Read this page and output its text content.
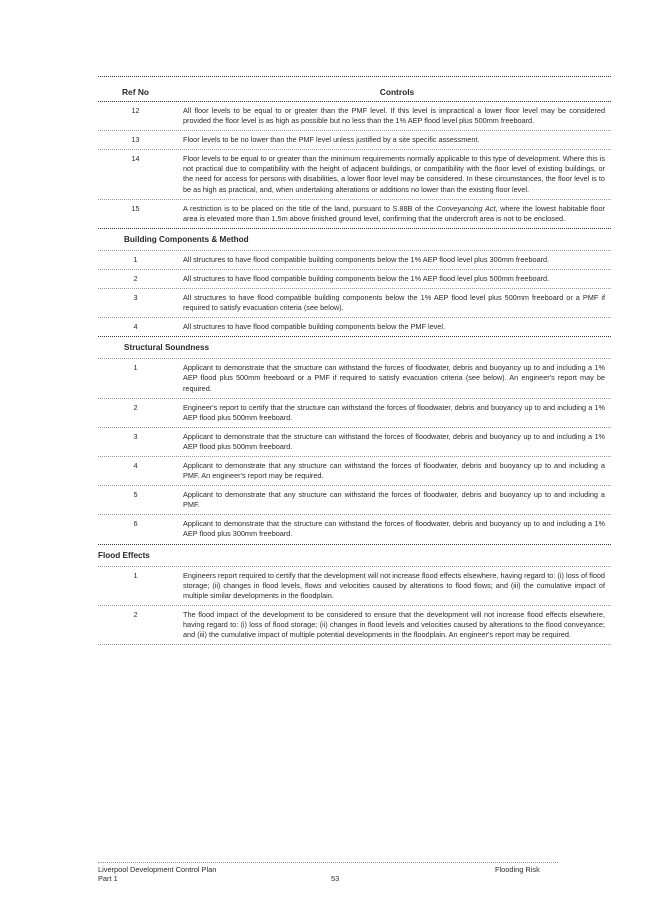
Ref No	Controls
12	All floor levels to be equal to or greater than the PMF level. If this level is impractical a lower floor level may be considered provided the floor level is as high as possible but no less than the 1% AEP flood level plus 500mm freeboard.
13	Floor levels to be no lower than the PMF level unless justified by a site specific assessment.
14	Floor levels to be equal to or greater than the minimum requirements normally applicable to this type of development. Where this is not practical due to compatibility with the height of adjacent buildings, or compatibility with the floor level of existing buildings, or the need for access for persons with disabilities, a lower floor level may be considered. In these circumstances, the floor level is to be as high as practical, and, when undertaking alterations or additions no lower than the existing floor level.
15	A restriction is to be placed on the title of the land, pursuant to S.88B of the Conveyancing Act, where the lowest habitable floor area is elevated more than 1.5m above finished ground level, confirming that the undercroft area is not to be enclosed.
Building Components & Method
1	All structures to have flood compatible building components below the 1% AEP flood level plus 300mm freeboard.
2	All structures to have flood compatible building components below the 1% AEP flood level plus 500mm freeboard.
3	All structures to have flood compatible building components below the 1% AEP flood level plus 500mm freeboard or a PMF if required to satisfy evacuation criteria (see below).
4	All structures to have flood compatible building components below the PMF level.
Structural Soundness
1	Applicant to demonstrate that the structure can withstand the forces of floodwater, debris and buoyancy up to and including a 1% AEP flood plus 500mm freeboard or a PMF if required to satisfy evacuation criteria (see below). An engineer's report may be required.
2	Engineer's report to certify that the structure can withstand the forces of floodwater, debris and buoyancy up to and including a 1% AEP flood plus 500mm freeboard.
3	Applicant to demonstrate that the structure can withstand the forces of floodwater, debris and buoyancy up to and including a 1% AEP flood plus 500mm freeboard.
4	Applicant to demonstrate that any structure can withstand the forces of floodwater, debris and buoyancy up to and including a PMF. An engineer's report may be required.
5	Applicant to demonstrate that any structure can withstand the forces of floodwater, debris and buoyancy up to and including a PMF.
6	Applicant to demonstrate that the structure can withstand the forces of floodwater, debris and buoyancy up to and including a 1% AEP flood plus 300mm freeboard.
Flood Effects
1	Engineers report required to certify that the development will not increase flood effects elsewhere, having regard to: (i) loss of flood storage; (ii) changes in flood levels, flows and velocities caused by alterations to flood flows; and (iii) the cumulative impact of multiple similar developments in the floodplain.
2	The flood impact of the development to be considered to ensure that the development will not increase flood effects elsewhere, having regard to: (i) loss of flood storage; (ii) changes in flood levels and velocities caused by alterations to the flood conveyance; and (iii) the cumulative impact of multiple potential developments in the floodplain. An engineer's report may be required.
Liverpool Development Control Plan	Flooding Risk
Part 1	53
